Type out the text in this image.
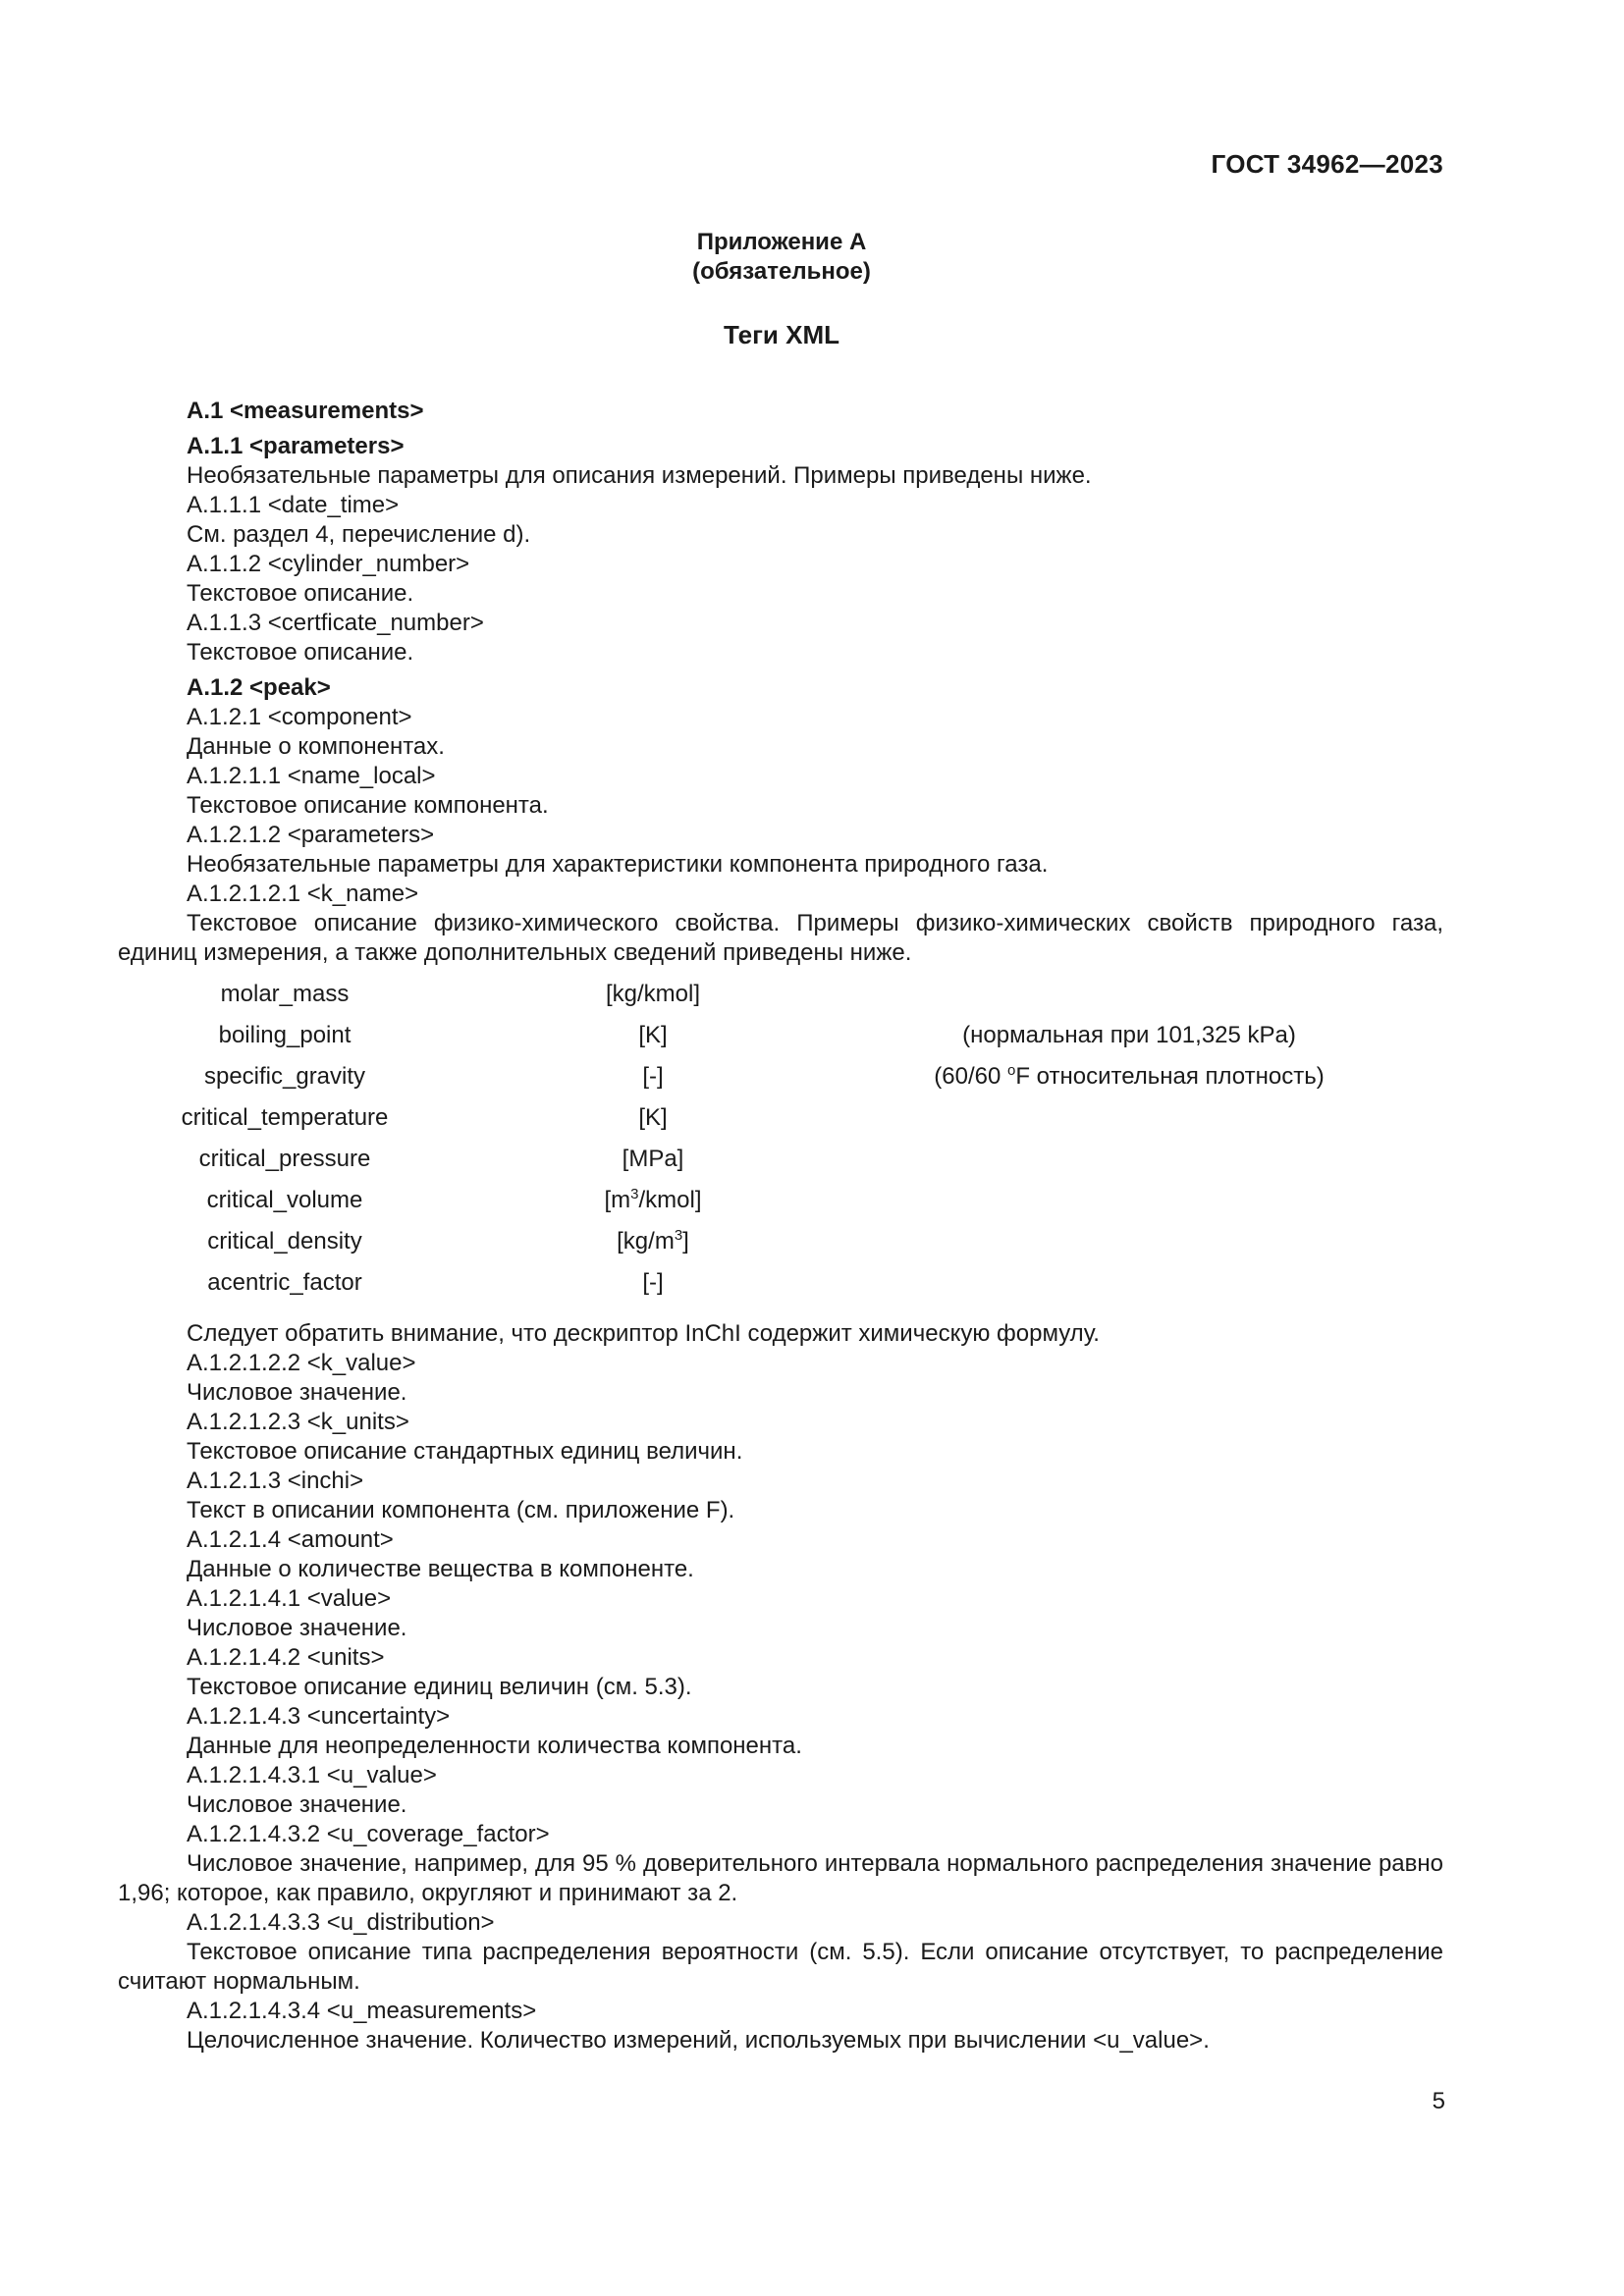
ГОСТ 34962—2023
Приложение А
(обязательное)
Теги XML
A.1 <measurements>
A.1.1 <parameters>
Необязательные параметры для описания измерений. Примеры приведены ниже.
A.1.1.1 <date_time>
См. раздел 4, перечисление d).
A.1.1.2 <cylinder_number>
Текстовое описание.
A.1.1.3 <certficate_number>
Текстовое описание.
A.1.2 <peak>
A.1.2.1 <component>
Данные о компонентах.
A.1.2.1.1 <name_local>
Текстовое описание компонента.
A.1.2.1.2 <parameters>
Необязательные параметры для характеристики компонента природного газа.
A.1.2.1.2.1 <k_name>
Текстовое описание физико-химического свойства. Примеры физико-химических свойств природного газа, единиц измерения, а также дополнительных сведений приведены ниже.
molar_mass	[kg/kmol]	
boiling_point	[K]	(нормальная при 101,325 kPa)
specific_gravity	[-]	(60/60 $^o$F относительная плотность)
critical_temperature	[K]	
critical_pressure	[MPa]	
critical_volume	$[m^3/kmol]$	
critical_density	$[kg/m^3]$	
acentric_factor	[-]	
Следует обратить внимание, что дескриптор InChI содержит химическую формулу.
A.1.2.1.2.2 <k_value>
Числовое значение.
A.1.2.1.2.3 <k_units>
Текстовое описание стандартных единиц величин.
A.1.2.1.3 <inchi>
Текст в описании компонента (см. приложение F).
A.1.2.1.4 <amount>
Данные о количестве вещества в компоненте.
A.1.2.1.4.1 <value>
Числовое значение.
A.1.2.1.4.2 <units>
Текстовое описание единиц величин (см. 5.3).
A.1.2.1.4.3 <uncertainty>
Данные для неопределенности количества компонента.
A.1.2.1.4.3.1 <u_value>
Числовое значение.
A.1.2.1.4.3.2 <u_coverage_factor>
Числовое значение, например, для 95 % доверительного интервала нормального распределения значение равно 1,96; которое, как правило, округляют и принимают за 2.
A.1.2.1.4.3.3 <u_distribution>
Текстовое описание типа распределения вероятности (см. 5.5). Если описание отсутствует, то распределение считают нормальным.
A.1.2.1.4.3.4 <u_measurements>
Целочисленное значение. Количество измерений, используемых при вычислении <u_value>.
5
